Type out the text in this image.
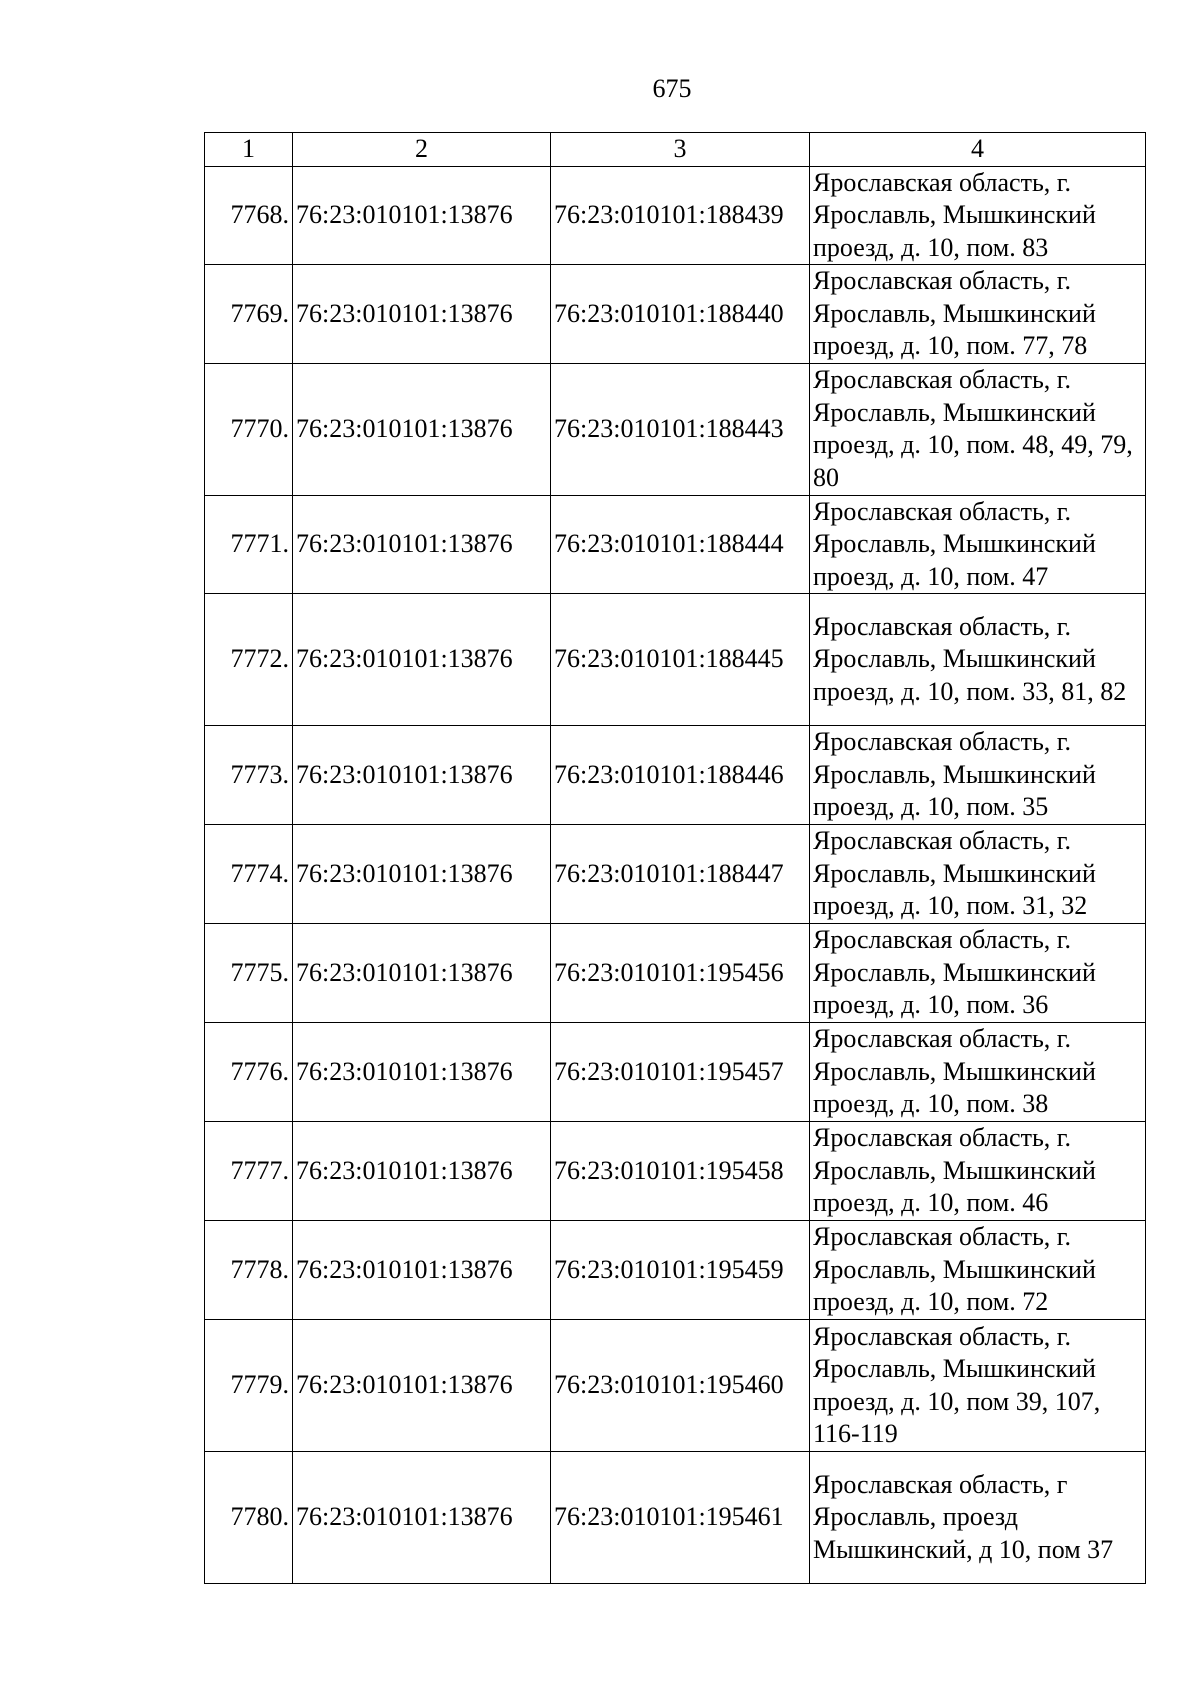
675
1	2	3	4
7768.	76:23:010101:13876	76:23:010101:188439	Ярославская область, г. Ярославль, Мышкинский проезд, д. 10, пом. 83
7769.	76:23:010101:13876	76:23:010101:188440	Ярославская область, г. Ярославль, Мышкинский проезд, д. 10, пом. 77, 78
7770.	76:23:010101:13876	76:23:010101:188443	Ярославская область, г. Ярославль, Мышкинский проезд, д. 10, пом. 48, 49, 79, 80
7771.	76:23:010101:13876	76:23:010101:188444	Ярославская область, г. Ярославль, Мышкинский проезд, д. 10, пом. 47
7772.	76:23:010101:13876	76:23:010101:188445	Ярославская область, г. Ярославль, Мышкинский проезд, д. 10, пом. 33, 81, 82
7773.	76:23:010101:13876	76:23:010101:188446	Ярославская область, г. Ярославль, Мышкинский проезд, д. 10, пом. 35
7774.	76:23:010101:13876	76:23:010101:188447	Ярославская область, г. Ярославль, Мышкинский проезд, д. 10, пом. 31, 32
7775.	76:23:010101:13876	76:23:010101:195456	Ярославская область, г. Ярославль, Мышкинский проезд, д. 10, пом. 36
7776.	76:23:010101:13876	76:23:010101:195457	Ярославская область, г. Ярославль, Мышкинский проезд, д. 10, пом. 38
7777.	76:23:010101:13876	76:23:010101:195458	Ярославская область, г. Ярославль, Мышкинский проезд, д. 10, пом. 46
7778.	76:23:010101:13876	76:23:010101:195459	Ярославская область, г. Ярославль, Мышкинский проезд, д. 10, пом. 72
7779.	76:23:010101:13876	76:23:010101:195460	Ярославская область, г. Ярославль, Мышкинский проезд, д. 10, пом 39, 107, 116-119
7780.	76:23:010101:13876	76:23:010101:195461	Ярославская область, г Ярославль, проезд Мышкинский, д 10, пом 37
